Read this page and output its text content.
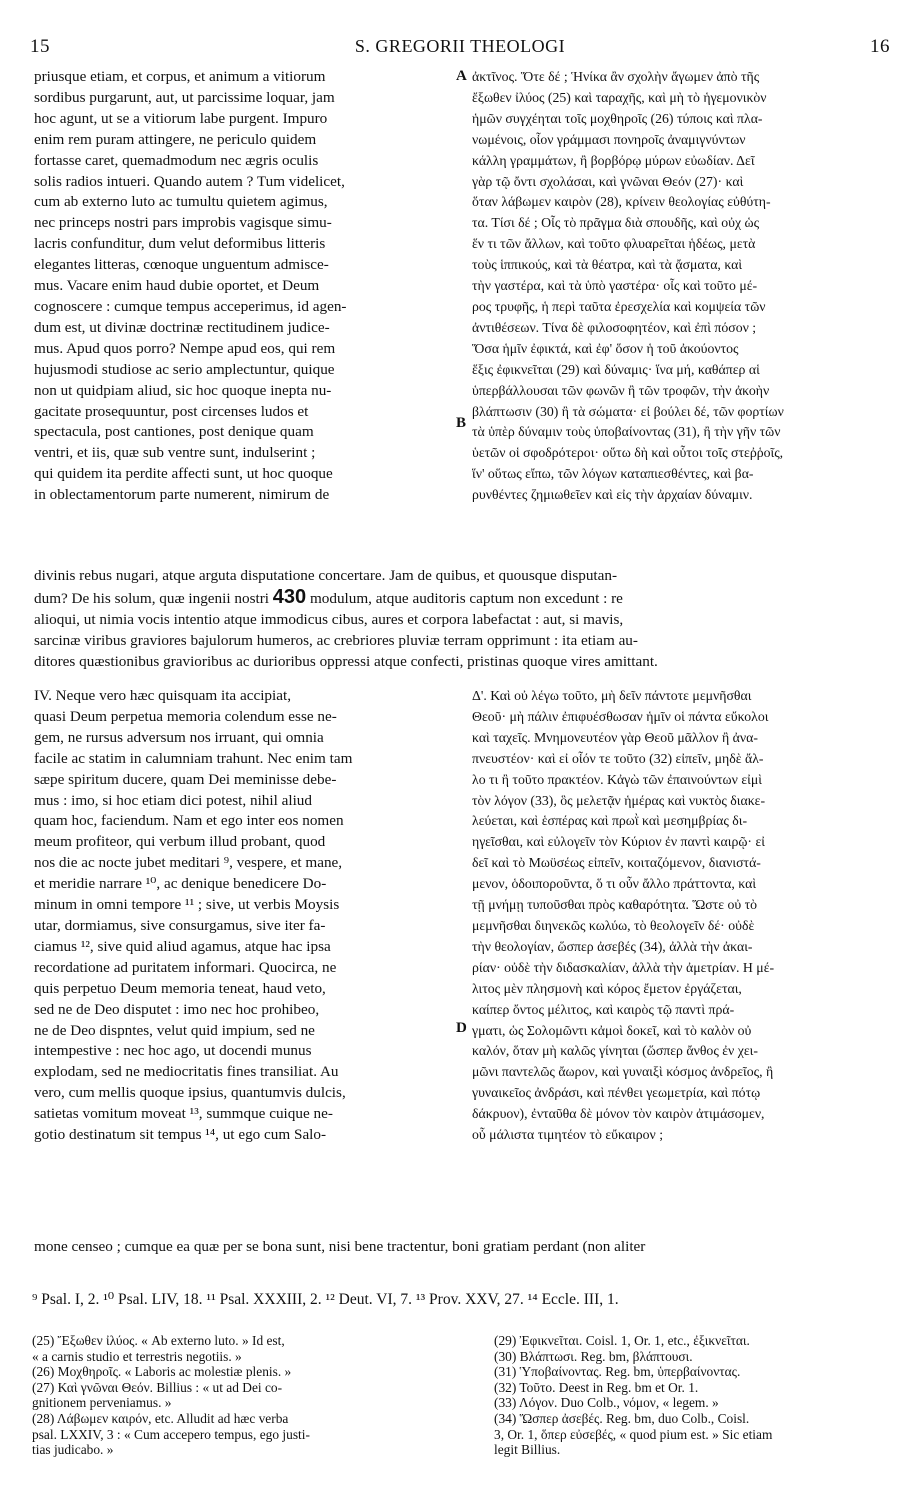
15	S. GREGORII THEOLOGI	16
priusque etiam, et corpus, et animum a vitiorum
sordibus purgarunt, aut, ut parcissime loquar, jam
hoc agunt, ut se a vitiorum labe purgent. Impuro
enim rem puram attingere, ne periculo quidem
fortasse caret, quemadmodum nec ægris oculis
solis radios intueri. Quando autem ? Tum videlicet,
cum ab externo luto ac tumultu quietem agimus,
nec princeps nostri pars improbis vagisque simu-
lacris confunditur, dum velut deformibus litteris
elegantes litteras, cœnoque unguentum admisce-
mus. Vacare enim haud dubie oportet, et Deum
cognoscere : cumque tempus acceperimus, id agen-
dum est, ut divinæ doctrinæ rectitudinem judice-
mus. Apud quos porro? Nempe apud eos, qui rem
hujusmodi studiose ac serio amplectuntur, quique
non ut quidpiam aliud, sic hoc quoque inepta nu-
gacitate prosequuntur, post circenses ludos et
spectacula, post cantiones, post denique quam
ventri, et iis, quæ sub ventre sunt, indulserint ;
qui quidem ita perdite affecti sunt, ut hoc quoque
in oblectamentorum parte numerent, nimirum de
ἀκτῖνος. Ὅτε δέ ; Ἡνίκα ἂν σχολὴν ἄγωμεν ἀπὸ τῆς
ἔξωθεν ἰλύος (25) καὶ ταραχῆς, καὶ μὴ τὸ ἡγεμονικὸν
ἡμῶν συγχέηται τοῖς μοχθηροῖς (26) τύποις καὶ πλα-
νωμένοις, οἷον γράμμασι πονηροῖς ἀναμιγνύντων
κάλλη γραμμάτων, ἢ βορβόρῳ μύρων εὐωδίαν. Δεῖ
γὰρ τῷ ὄντι σχολάσαι, καὶ γνῶναι Θεόν (27)· καὶ
ὅταν λάβωμεν καιρὸν (28), κρίνειν θεολογίας εὐθύτη-
τα. Τίσι δέ ; Οἷς τὸ πρᾶγμα διὰ σπουδῆς, καὶ οὐχ ὡς
ἕν τι τῶν ἄλλων, καὶ τοῦτο φλυαρεῖται ἡδέως, μετὰ
τοὺς ἱππικούς, καὶ τὰ θέατρα, καὶ τὰ ᾄσματα, καὶ
τὴν γαστέρα, καὶ τὰ ὑπὸ γαστέρα· οἷς καὶ τοῦτο μέ-
ρος τρυφῆς, ἡ περὶ ταῦτα ἐρεσχελία καὶ κομψεία τῶν
ἀντιθέσεων. Τίνα δὲ φιλοσοφητέον, καὶ ἐπὶ πόσον ;
Ὅσα ἡμῖν ἐφικτά, καὶ ἐφ' ὅσον ἡ τοῦ ἀκούοντος
ἕξις ἐφικνεῖται (29) καὶ δύναμις· ἵνα μή, καθάπερ αἱ
ὑπερβάλλουσαι τῶν φωνῶν ἢ τῶν τροφῶν, τὴν ἀκοὴν
βλάπτωσιν (30) ἢ τὰ σώματα· εἰ βούλει δέ, τῶν φορτίων
τὰ ὑπὲρ δύναμιν τοὺς ὑποβαίνοντας (31), ἢ τὴν γῆν τῶν
ὑετῶν οἱ σφοδρότεροι· οὕτω δὴ καὶ οὗτοι τοῖς στεῤῥοῖς,
ἵν' οὕτως εἴπω, τῶν λόγων καταπιεσθέντες, καὶ βα-
ρυνθέντες ζημιωθεῖεν καὶ εἰς τὴν ἀρχαίαν δύναμιν.
A
B
D
divinis rebus nugari, atque arguta disputatione concertare. Jam de quibus, et quousque disputan-
dum? De his solum, quæ ingenii nostri 430 modulum, atque auditoris captum non excedunt : re
alioqui, ut nimia vocis intentio atque immodicus cibus, aures et corpora labefactat : aut, si mavis,
sarcinæ viribus graviores bajulorum humeros, ac crebriores pluviæ terram opprimunt : ita etiam au-
ditores quæstionibus gravioribus ac durioribus oppressi atque confecti, pristinas quoque vires amittant.
IV. Neque vero hæc quisquam ita accipiat,
quasi Deum perpetua memoria colendum esse ne-
gem, ne rursus adversum nos irruant, qui omnia
facile ac statim in calumniam trahunt. Nec enim tam
sæpe spiritum ducere, quam Dei meminisse debe-
mus : imo, si hoc etiam dici potest, nihil aliud
quam hoc, faciendum. Nam et ego inter eos nomen
meum profiteor, qui verbum illud probant, quod
nos die ac nocte jubet meditari ⁹, vespere, et mane,
et meridie narrare ¹⁰, ac denique benedicere Do-
minum in omni tempore ¹¹ ; sive, ut verbis Moysis
utar, dormiamus, sive consurgamus, sive iter fa-
ciamus ¹², sive quid aliud agamus, atque hac ipsa
recordatione ad puritatem informari. Quocirca, ne
quis perpetuo Deum memoria teneat, haud veto,
sed ne de Deo disputet : imo nec hoc prohibeo,
ne de Deo dispntes, velut quid impium, sed ne
intempestive : nec hoc ago, ut docendi munus
explodam, sed ne mediocritatis fines transiliat. Au
vero, cum mellis quoque ipsius, quantumvis dulcis,
satietas vomitum moveat ¹³, summque cuique ne-
gotio destinatum sit tempus ¹⁴, ut ego cum Salo-
Δ'. Καὶ οὐ λέγω τοῦτο, μὴ δεῖν πάντοτε μεμνῆσθαι
Θεοῦ· μὴ πάλιν ἐπιφυέσθωσαν ἡμῖν οἱ πάντα εὔκολοι
καὶ ταχεῖς. Μνημονευτέον γὰρ Θεοῦ μᾶλλον ἢ ἀνα-
πνευστέον· καὶ εἰ οἷόν τε τοῦτο (32) εἰπεῖν, μηδὲ ἄλ-
λο τι ἢ τοῦτο πρακτέον. Κἀγὼ τῶν ἐπαινούντων εἰμὶ
τὸν λόγον (33), ὃς μελετᾷν ἡμέρας καὶ νυκτὸς διακε-
λεύεται, καὶ ἑσπέρας καὶ πρωῒ καὶ μεσημβρίας δι-
ηγεῖσθαι, καὶ εὐλογεῖν τὸν Κύριον ἐν παντὶ καιρῷ· εἰ
δεῖ καὶ τὸ Μωϋσέως εἰπεῖν, κοιταζόμενον, διανιστά-
μενον, ὁδοιποροῦντα, ὅ τι οὖν ἄλλο πράττοντα, καὶ
τῇ μνήμῃ τυποῦσθαι πρὸς καθαρότητα. Ὥστε οὐ τὸ
μεμνῆσθαι διηνεκῶς κωλύω, τὸ θεολογεῖν δέ· οὐδὲ
τὴν θεολογίαν, ὥσπερ ἀσεβές (34), ἀλλὰ τὴν ἀκαι-
ρίαν· οὐδὲ τὴν διδασκαλίαν, ἀλλὰ τὴν ἀμετρίαν. Η μέ-
λιτος μὲν πλησμονὴ καὶ κόρος ἔμετον ἐργάζεται,
καίπερ ὄντος μέλιτος, καὶ καιρὸς τῷ παντὶ πρά-
γματι, ὡς Σολομῶντι κἀμοὶ δοκεῖ, καὶ τὸ καλὸν οὐ
καλόν, ὅταν μὴ καλῶς γίνηται (ὥσπερ ἄνθος ἐν χει-
μῶνι παντελῶς ἄωρον, καὶ γυναιξὶ κόσμος ἀνδρεῖος, ἢ
γυναικεῖος ἀνδράσι, καὶ πένθει γεωμετρία, καὶ πότῳ
δάκρυον), ἐνταῦθα δὲ μόνον τὸν καιρὸν ἀτιμάσομεν,
οὗ μάλιστα τιμητέον τὸ εὔκαιρον ;
mone censeo ; cumque ea quæ per se bona sunt, nisi bene tractentur, boni gratiam perdant (non aliter
⁹ Psal. I, 2. ¹⁰ Psal. LIV, 18. ¹¹ Psal. XXXIII, 2. ¹² Deut. VI, 7. ¹³ Prov. XXV, 27. ¹⁴ Eccle. III, 1.
(25) Ἔξωθεν ἰλύος. « Ab externo luto. » Id est,
« a carnis studio et terrestris negotiis. »
(26) Μοχθηροῖς. « Laboris ac molestiæ plenis. »
(27) Καὶ γνῶναι Θεόν. Billius : « ut ad Dei co-
gnitionem perveniamus. »
(28) Λάβωμεν καιρόν, etc. Alludit ad hæc verba
psal. LXXIV, 3 : « Cum accepero tempus, ego justi-
tias judicabo. »
(29) Ἐφικνεῖται. Coisl. 1, Or. 1, etc., ἐξικνεῖται.
(30) Βλάπτωσι. Reg. bm, βλάπτουσι.
(31) Ὑποβαίνοντας. Reg. bm, ὑπερβαίνοντας.
(32) Τοῦτο. Deest in Reg. bm et Or. 1.
(33) Λόγον. Duo Colb., νόμον, « legem. »
(34) Ὥσπερ ἀσεβές. Reg. bm, duo Colb., Coisl.
3, Or. 1, ὅπερ εὐσεβές, « quod pium est. » Sic etiam
legit Billius.
